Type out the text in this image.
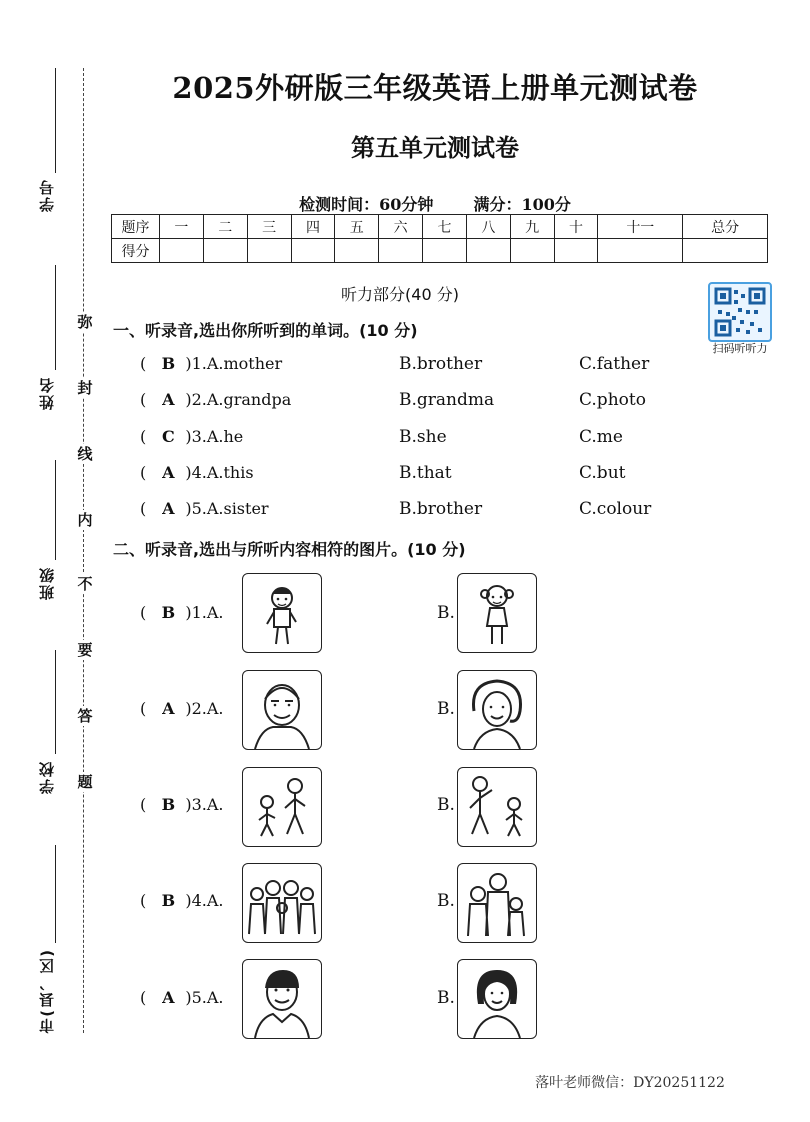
学号
姓名
班级
学校
市(县、区)
弥
封
线
内
不
要
答
题
2025外研版三年级英语上册单元测试卷
第五单元测试卷
检测时间：60分钟	满分：100分
题序	一	二	三	四	五	六	七	八	九	十	十一	总分
得分												
听力部分(40 分)
扫码听听力
一、听录音,选出你所听到的单词。(10 分)
( B )1.A.mother	B.brother	C.father
( A )2.A.grandpa	B.grandma	C.photo
( C )3.A.he	B.she	C.me
( A )4.A.this	B.that	C.but
( A )5.A.sister	B.brother	C.colour
二、听录音,选出与所听内容相符的图片。(10 分)
( B )1.A.	B.
( A )2.A.	B.
( B )3.A.	B.
( B )4.A.	B.
( A )5.A.	B.
落叶老师微信：DY20251122
